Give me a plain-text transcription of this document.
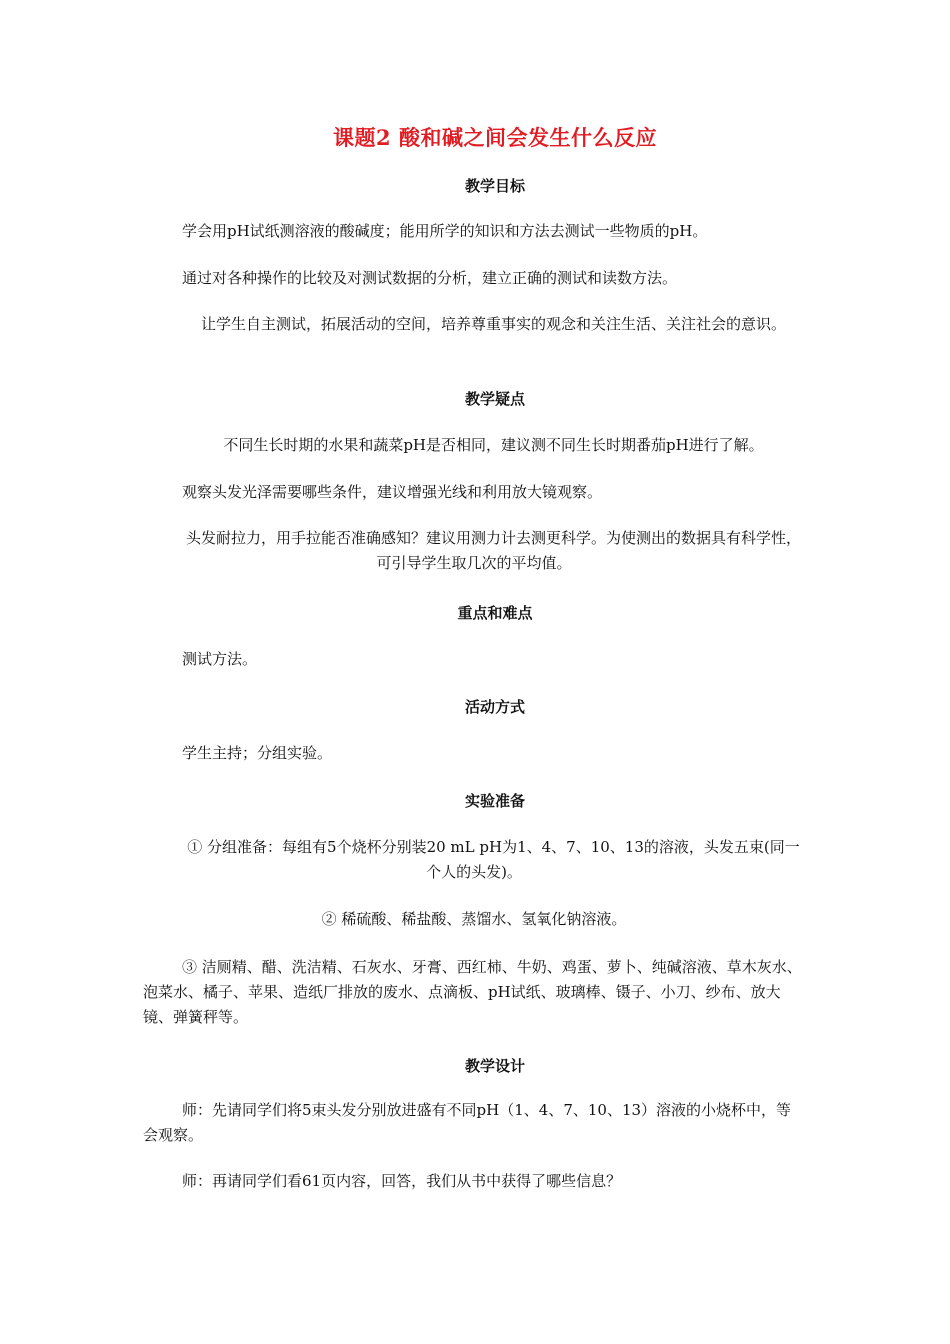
课题2 酸和碱之间会发生什么反应
教学目标
学会用pH试纸测溶液的酸碱度；能用所学的知识和方法去测试一些物质的pH。
通过对各种操作的比较及对测试数据的分析，建立正确的测试和读数方法。
让学生自主测试，拓展活动的空间，培养尊重事实的观念和关注生活、关注社会的意识。
教学疑点
不同生长时期的水果和蔬菜pH是否相同，建议测不同生长时期番茄pH进行了解。
观察头发光泽需要哪些条件，建议增强光线和利用放大镜观察。
头发耐拉力，用手拉能否准确感知？建议用测力计去测更科学。为使测出的数据具有科学性，可引导学生取几次的平均值。
重点和难点
测试方法。
活动方式
学生主持；分组实验。
实验准备
① 分组准备：每组有5个烧杯分别装20 mL pH为1、4、7、10、13的溶液，头发五束(同一个人的头发)。
② 稀硫酸、稀盐酸、蒸馏水、氢氧化钠溶液。
③ 洁厕精、醋、洗洁精、石灰水、牙膏、西红柿、牛奶、鸡蛋、萝卜、纯碱溶液、草木灰水、泡菜水、橘子、苹果、造纸厂排放的废水、点滴板、pH试纸、玻璃棒、镊子、小刀、纱布、放大镜、弹簧秤等。
教学设计
师：先请同学们将5束头发分别放进盛有不同pH（1、4、7、10、13）溶液的小烧杯中，等会观察。
师：再请同学们看61页内容，回答，我们从书中获得了哪些信息？
